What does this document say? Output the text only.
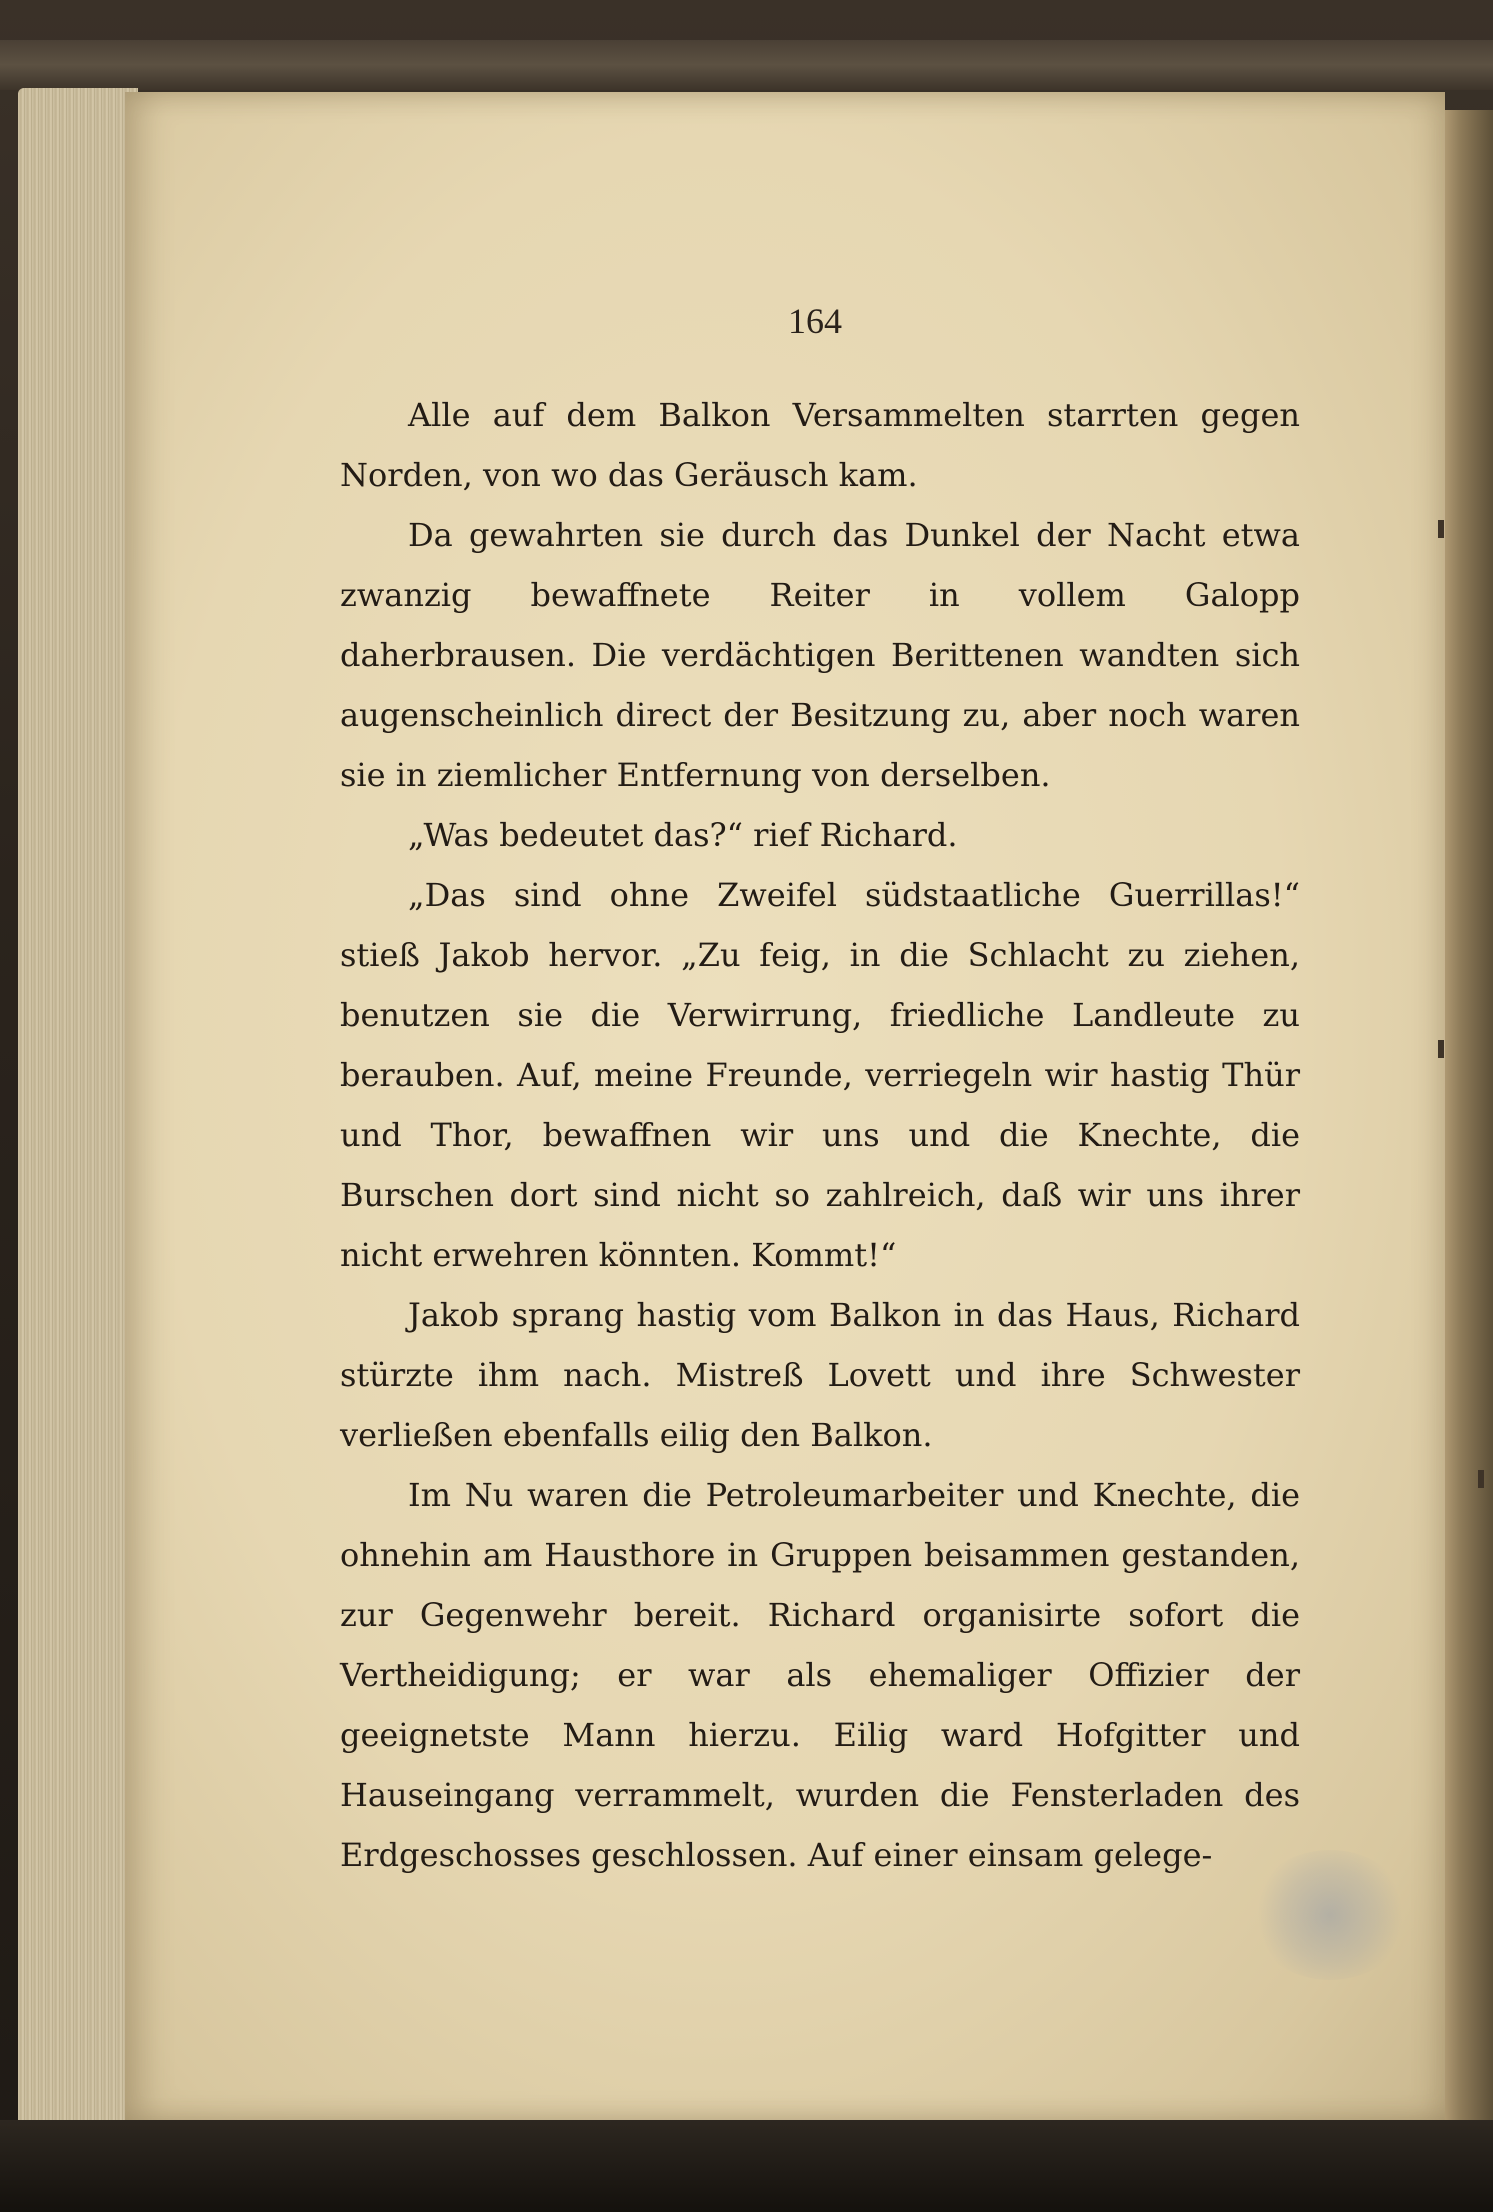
164

Alle auf dem Balkon Versammelten starrten gegen Norden, von wo das Geräusch kam.

Da gewahrten sie durch das Dunkel der Nacht etwa zwanzig bewaffnete Reiter in vollem Galopp daherbrausen. Die verdächtigen Berittenen wandten sich augenscheinlich direct der Besitzung zu, aber noch waren sie in ziemlicher Entfernung von derselben.

„Was bedeutet das?“ rief Richard.

„Das sind ohne Zweifel südstaatliche Guerrillas!“ stieß Jakob hervor. „Zu feig, in die Schlacht zu ziehen, benutzen sie die Verwirrung, friedliche Landleute zu berauben. Auf, meine Freunde, verriegeln wir hastig Thür und Thor, bewaffnen wir uns und die Knechte, die Burschen dort sind nicht so zahlreich, daß wir uns ihrer nicht erwehren könnten. Kommt!“

Jakob sprang hastig vom Balkon in das Haus, Richard stürzte ihm nach. Mistreß Lovett und ihre Schwester verließen ebenfalls eilig den Balkon.

Im Nu waren die Petroleumarbeiter und Knechte, die ohnehin am Hausthore in Gruppen beisammen gestanden, zur Gegenwehr bereit. Richard organisirte sofort die Vertheidigung; er war als ehemaliger Offizier der geeignetste Mann hierzu. Eilig ward Hofgitter und Hauseingang verrammelt, wurden die Fensterladen des Erdgeschosses geschlossen. Auf einer einsam gelege-
